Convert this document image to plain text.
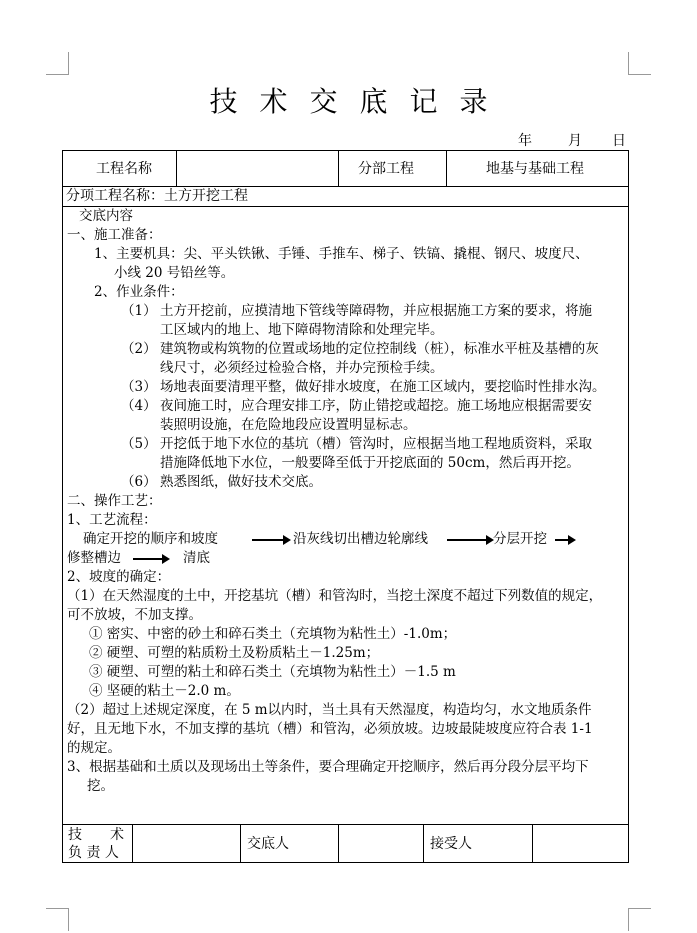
技术交底记录
年	月 日
工程名称	分部工程	地基与基础工程
分项工程名称：土方开挖工程
交底内容
一、施工准备：
1、主要机具：尖、平头铁锹、手锤、手推车、梯子、铁镐、撬棍、钢尺、坡度尺、
小线 20 号铅丝等。
2、作业条件：
（1） 土方开挖前，应摸清地下管线等障碍物，并应根据施工方案的要求，将施
工区域内的地上、地下障碍物清除和处理完毕。
（2） 建筑物或构筑物的位置或场地的定位控制线（桩），标准水平桩及基槽的灰
线尺寸，必须经过检验合格，并办完预检手续。
（3） 场地表面要清理平整，做好排水坡度，在施工区域内，要挖临时性排水沟。
（4） 夜间施工时，应合理安排工序，防止错挖或超挖。施工场地应根据需要安
装照明设施，在危险地段应设置明显标志。
（5） 开挖低于地下水位的基坑（槽）管沟时，应根据当地工程地质资料，采取
措施降低地下水位，一般要降至低于开挖底面的 50cm，然后再开挖。
（6） 熟悉图纸，做好技术交底。
二、操作工艺：
1、工艺流程：
确定开挖的顺序和坡度	沿灰线切出槽边轮廓线	分层开挖
修整槽边	清底
2、坡度的确定：
（1）在天然湿度的土中，开挖基坑（槽）和管沟时，当挖土深度不超过下列数值的规定，
可不放坡，不加支撑。
① 密实、中密的砂土和碎石类土（充填物为粘性土）-1.0m；
② 硬塑、可塑的粘质粉土及粉质粘土－1.25m；
③ 硬塑、可塑的粘土和碎石类土（充填物为粘性土）－1.5 m
④ 坚硬的粘土－2.0 m。
（2）超过上述规定深度，在 5 m以内时，当土具有天然湿度，构造均匀，水文地质条件
好，且无地下水，不加支撑的基坑（槽）和管沟，必须放坡。边坡最陡坡度应符合表 1-1
的规定。
3、根据基础和土质以及现场出土等条件，要合理确定开挖顺序，然后再分段分层平均下
挖。
技　　术
负 责 人
交底人	接受人
